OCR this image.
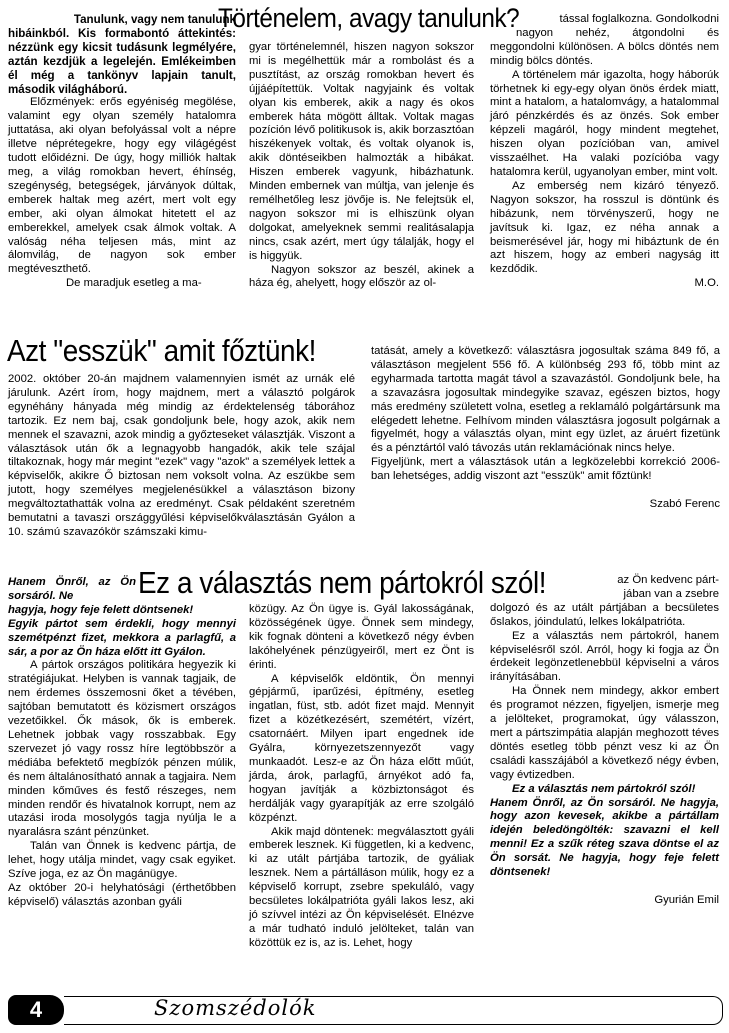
Történelem, avagy tanulunk?

Tanulunk, vagy nem tanulunk

hibáinkból. Kis formabontó áttekintés: nézzünk egy kicsit tudásunk legmélyére, aztán kezdjük a legelején. Emlékeimben él még a tankönyv lapjain tanult, második világháború.

Előzmények: erős egyéniség megölése, valamint egy olyan személy hatalomra juttatása, aki olyan befolyással volt a népre illetve néprétegekre, hogy egy világégést tudott előidézni. De úgy, hogy milliók haltak meg, a világ romokban hevert, éhínség, szegénység, betegségek, járványok dúltak, emberek haltak meg azért, mert volt egy ember, aki olyan álmokat hitetett el az emberekkel, amelyek csak álmok voltak. A valóság néha teljesen más, mint az álomvilág, de nagyon sok ember megtéveszthető.

De maradjuk esetleg a ma-

gyar történelemnél, hiszen nagyon sokszor mi is megélhettük már a rombolást és a pusztítást, az ország romokban hevert és újjáépítettük. Voltak nagyjaink és voltak olyan kis emberek, akik a nagy és okos emberek háta mögött álltak. Voltak magas pozíción lévő politikusok is, akik borzasztóan hiszékenyek voltak, és voltak olyanok is, akik döntéseikben halmozták a hibákat. Hiszen emberek vagyunk, hibázhatunk. Minden embernek van múltja, van jelenje és remélhetőleg lesz jövője is. Ne felejtsük el, nagyon sokszor mi is elhiszünk olyan dolgokat, amelyeknek semmi realitásalapja nincs, csak azért, mert úgy tálalják, hogy el is higgyük.

Nagyon sokszor az beszél, akinek a háza ég, ahelyett, hogy először az ol-

tással foglalkozna. Gondolkodni

nagyon nehéz, átgondolni és meggondolni különösen. A bölcs döntés nem mindig bölcs döntés.

A történelem már igazolta, hogy háborúk törhetnek ki egy-egy olyan önös érdek miatt, mint a hatalom, a hatalomvágy, a hatalommal járó pénzkérdés és az önzés. Sok ember képzeli magáról, hogy mindent megtehet, hiszen olyan pozícióban van, amivel visszaélhet. Ha valaki pozícióba vagy hatalomra kerül, ugyanolyan ember, mint volt.

Az emberség nem kizáró tényező. Nagyon sokszor, ha rosszul is döntünk és hibázunk, nem törvényszerű, hogy ne javítsuk ki. Igaz, ez néha annak a beismerésével jár, hogy mi hibáztunk de én azt hiszem, hogy az emberi nagyság itt kezdődik.

M.O.

Azt "esszük" amit főztünk!

2002. október 20-án majdnem valamennyien ismét az urnák elé járulunk. Azért írom, hogy majdnem, mert a választó polgárok egynéhány hányada még mindig az érdektelenség táborához tartozik. Ez nem baj, csak gondoljunk bele, hogy azok, akik nem mennek el szavazni, azok mindig a győzteseket választják. Viszont a választások után ők a legnagyobb hangadók, akik tele szájal tiltakoznak, hogy már megint "ezek" vagy "azok" a személyek lettek a képviselők, akikre Ő biztosan nem voksolt volna. Az eszükbe sem jutott, hogy személyes megjelenésükkel a választáson bizony megváltoztathatták volna az eredményt. Csak példaként szeretném bemutatni a tavaszi országgyűlési képviselőkválasztásán Gyálon a 10. számú szavazókör számszaki kimu-

tatását, amely a következő: választásra jogosultak száma 849 fő, a választáson megjelent 556 fő. A különbség 293 fő, több mint az egyharmada tartotta magát távol a szavazástól. Gondoljunk bele, ha a szavazásra jogosultak mindegyike szavaz, egészen biztos, hogy más eredmény született volna, esetleg a reklamáló polgártársunk ma elégedett lehetne. Felhívom minden választásra jogosult polgárnak a figyelmét, hogy a választás olyan, mint egy üzlet, az áruért fizetünk és a pénztártól való távozás után reklamációnak nincs helye.

Figyeljünk, mert a választások után a legközelebbi korrekció 2006-ban lehetséges, addig viszont azt "esszük" amit főztünk!

Szabó Ferenc

Ez a választás nem pártokról szól!

Hanem Önről, az Ön sorsáról. Ne

hagyja, hogy feje felett döntsenek!

Egyik pártot sem érdekli, hogy mennyi szemétpénzt fizet, mekkora a parlagfű, a sár, a por az Ön háza előtt itt Gyálon.

A pártok országos politikára hegyezik ki stratégiájukat. Helyben is vannak tagjaik, de nem érdemes összemosni őket a tévében, sajtóban bemutatott és közismert országos vezetőikkel. Ők mások, ők is emberek. Lehetnek jobbak vagy rosszabbak. Egy szervezet jó vagy rossz híre legtöbbször a médiába befektető megbízók pénzen múlik, és nem általánosítható annak a tagjaira. Nem minden kőműves és festő részeges, nem minden rendőr és hivatalnok korrupt, nem az utazási iroda mosolygós tagja nyúlja le a nyaralásra szánt pénzünket.

Talán van Önnek is kedvenc pártja, de lehet, hogy utálja mindet, vagy csak egyiket. Szíve joga, ez az Ön magánügye.

Az október 20-i helyhatósági (érthetőbben képviselő) választás azonban gyáli

közügy. Az Ön ügye is. Gyál lakosságának, közösségének ügye. Önnek sem mindegy, kik fognak dönteni a következő négy évben lakóhelyének pénzügyeiről, mert ez Önt is érinti.

A képviselők eldöntik, Ön mennyi gépjármű, iparűzési, építmény, esetleg ingatlan, füst, stb. adót fizet majd. Mennyit fizet a közétkezésért, szemétért, vízért, csatornáért. Milyen ipart engednek ide Gyálra, környezetszennyezőt vagy munkaadót. Lesz-e az Ön háza előtt műút, járda, árok, parlagfű, árnyékot adó fa, hogyan javítják a közbiztonságot és herdálják vagy gyarapítják az erre szolgáló közpénzt.

Akik majd döntenek: megválasztott gyáli emberek lesznek. Ki független, ki a kedvenc, ki az utált pártjába tartozik, de gyáliak lesznek. Nem a pártálláson múlik, hogy ez a képviselő korrupt, zsebre spekuláló, vagy becsületes lokálpatrióta gyáli lakos lesz, aki jó szívvel intézi az Ön képviselését. Elnézve a már tudható induló jelölteket, talán van közöttük ez is, az is. Lehet, hogy

az Ön kedvenc párt-

jában van a zsebre

dolgozó és az utált pártjában a becsületes őslakos, jóindulatú, lelkes lokálpatrióta.

Ez a választás nem pártokról, hanem képviselésről szól. Arról, hogy ki fogja az Ön érdekeit legönzetlenebbül képviselni a város irányításában.

Ha Önnek nem mindegy, akkor embert és programot nézzen, figyeljen, ismerje meg a jelölteket, programokat, úgy válasszon, mert a pártszimpátia alapján meghozott téves döntés esetleg több pénzt vesz ki az Ön családi kasszájából a következő négy évben, vagy évtizedben.

Ez a választás nem pártokról szól!

Hanem Önről, az Ön sorsáról. Ne hagyja, hogy azon kevesek, akikbe a pártállam idején beledöngölték: szavazni el kell menni! Ez a szűk réteg szava döntse el az Ön sorsát. Ne hagyja, hogy feje felett döntsenek!

Gyurián Emil

4	Szomszédolók
